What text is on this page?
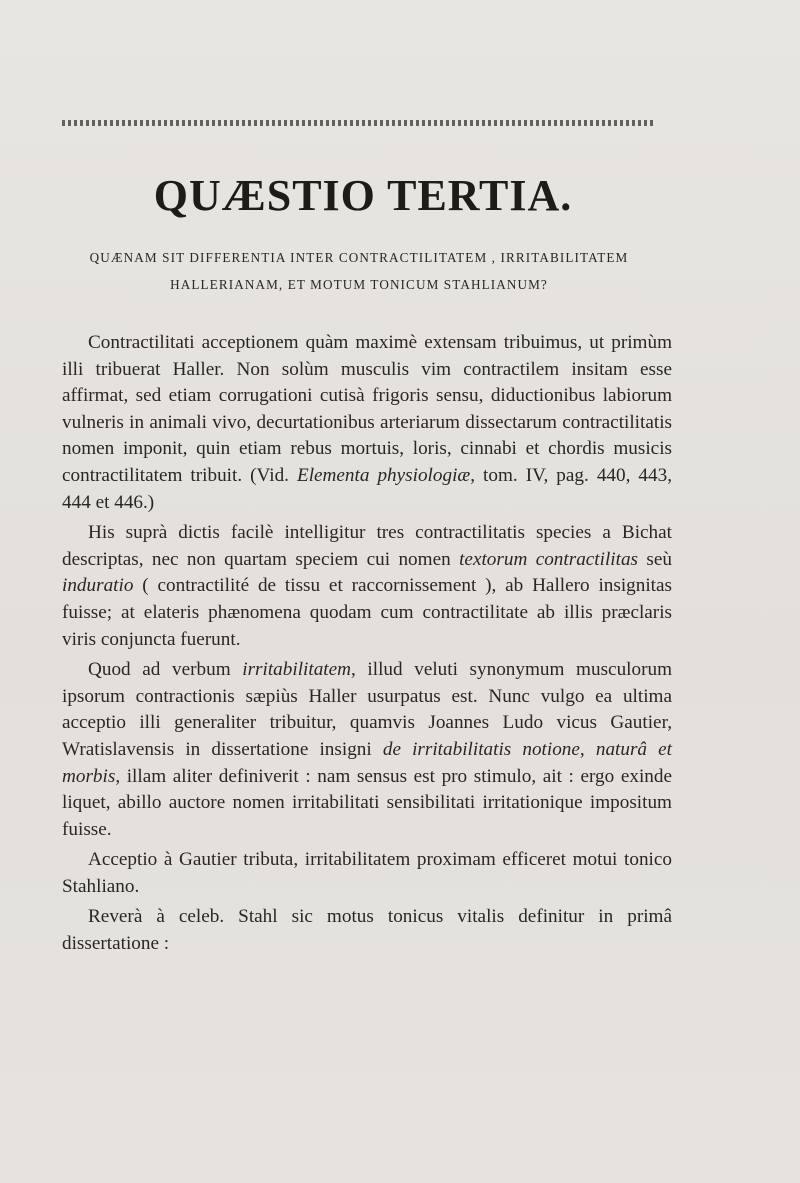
QUÆSTIO TERTIA.
QUÆNAM SIT DIFFERENTIA INTER CONTRACTILITATEM , IRRITABILITATEM
HALLERIANAM, ET MOTUM TONICUM STAHLIANUM?

Contractilitati acceptionem quàm maximè extensam tribuimus, ut primùm illi tribuerat Haller. Non solùm musculis vim contractilem insitam esse affirmat, sed etiam corrugationi cutisà frigoris sensu, diductionibus labiorum vulneris in animali vivo, decurtationibus arteriarum dissectarum contractilitatis nomen imponit, quin etiam rebus mortuis, loris, cinnabi et chordis musicis contractilitatem tribuit. (Vid. Elementa physiologiæ, tom. IV, pag. 440, 443, 444 et 446.)

His suprà dictis facilè intelligitur tres contractilitatis species a Bichat descriptas, nec non quartam speciem cui nomen textorum contractilitas seù induratio ( contractilité de tissu et raccornissement ), ab Hallero insignitas fuisse; at elateris phænomena quodam cum contractilitate ab illis præclaris viris conjuncta fuerunt.

Quod ad verbum irritabilitatem, illud veluti synonymum musculorum ipsorum contractionis sæpiùs Haller usurpatus est. Nunc vulgo ea ultima acceptio illi generaliter tribuitur, quamvis Joannes Ludo vicus Gautier, Wratislavensis in dissertatione insigni de irritabilitatis notione, naturâ et morbis, illam aliter definiverit : nam sensus est pro stimulo, ait : ergo exinde liquet, abillo auctore nomen irritabilitati sensibilitati irritationique impositum fuisse.

Acceptio à Gautier tributa, irritabilitatem proximam efficeret motui tonico Stahliano.

Reverà à celeb. Stahl sic motus tonicus vitalis definitur in primâ dissertatione :
